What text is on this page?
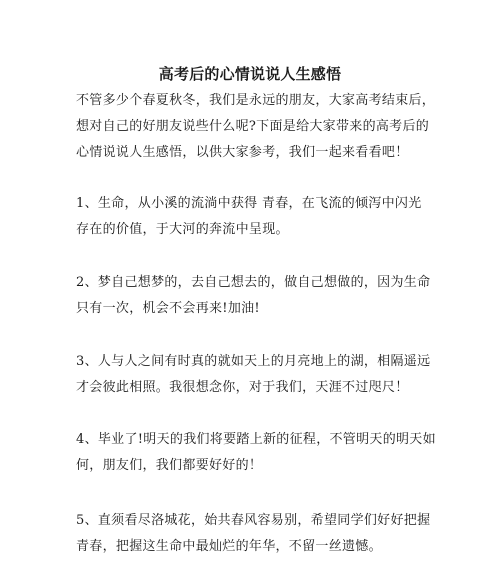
高考后的心情说说人生感悟
不管多少个春夏秋冬，我们是永远的朋友，大家高考结束后，想对自己的好朋友说些什么呢?下面是给大家带来的高考后的心情说说人生感悟，以供大家参考，我们一起来看看吧！
1、生命，从小溪的流淌中获得 青春，在飞流的倾泻中闪光 存在的价值，于大河的奔流中呈现。
2、梦自己想梦的，去自己想去的，做自己想做的，因为生命只有一次，机会不会再来!加油!
3、人与人之间有时真的就如天上的月亮地上的湖，相隔遥远才会彼此相照。我很想念你，对于我们，天涯不过咫尺！
4、毕业了!明天的我们将要踏上新的征程，不管明天的明天如何，朋友们，我们都要好好的！
5、直须看尽洛城花，始共春风容易别，希望同学们好好把握青春，把握这生命中最灿烂的年华，不留一丝遗憾。
